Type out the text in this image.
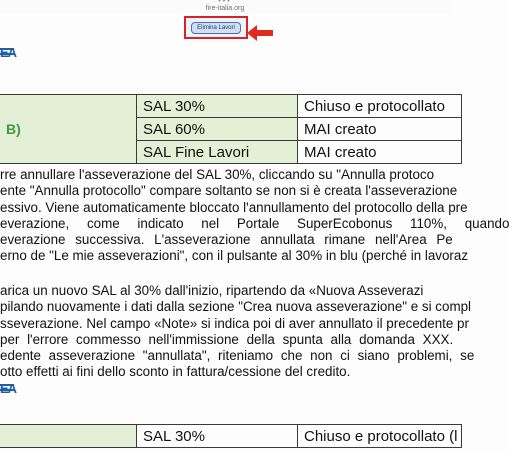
•••
fire-italia.org
Elimina Lavori
EA
B)	SAL 30%	Chiuso e protocollato
	SAL 60%	MAI creato
	SAL Fine Lavori	MAI creato
rre annullare l'asseverazione del SAL 30%, cliccando su "Annulla protoco
ente "Annulla protocollo" compare soltanto se non si è creata l'asseverazione
essivo. Viene automaticamente bloccato l'annullamento del protocollo della pre
everazione, come indicato nel Portale SuperEcobonus 110%, quando
everazione successiva. L'asseverazione annullata rimane nell'Area Pe
erno de "Le mie asseverazioni", con il pulsante al 30% in blu (perché in lavoraz
arica un nuovo SAL al 30% dall'inizio, ripartendo da «Nuova Asseverazi
pilando nuovamente i dati dalla sezione "Crea nuova asseverazione" e si compl
sseverazione. Nel campo «Note» si indica poi di aver annullato il precedente pr
per l'errore commesso nell'immissione della spunta alla domanda XXX.
edente asseverazione "annullata", riteniamo che non ci siano problemi, se
otto effetti ai fini dello sconto in fattura/cessione del credito.
EA
	SAL 30%	Chiuso e protocollato (l
